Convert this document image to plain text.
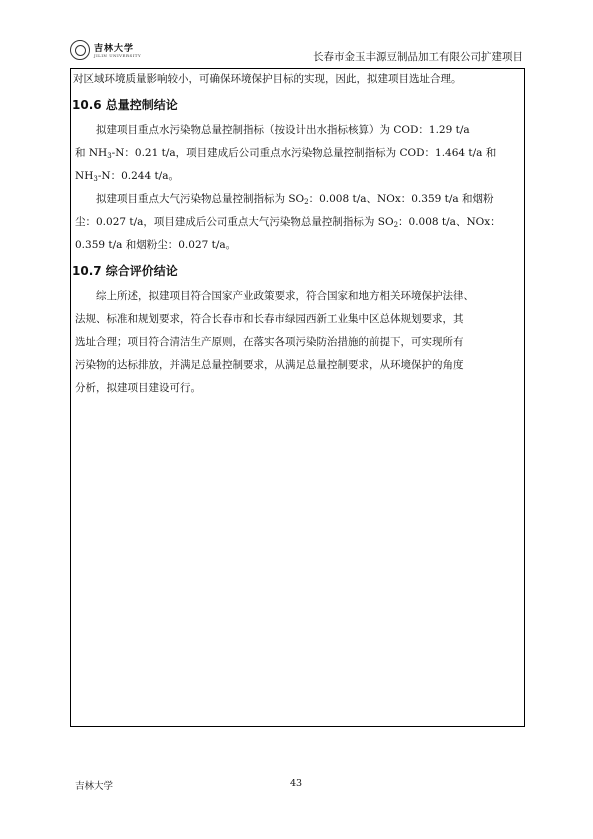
吉林大学
JILIN UNIVERSITY	长春市金玉丰源豆制品加工有限公司扩建项目
对区域环境质量影响较小，可确保环境保护目标的实现，因此，拟建项目选址合理。
10.6 总量控制结论
拟建项目重点水污染物总量控制指标（按设计出水指标核算）为 COD：1.29 t/a
和 $NH_3-N$：0.21 t/a，项目建成后公司重点水污染物总量控制指标为 COD：1.464 t/a 和
$NH_3-N$：0.244 t/a。
拟建项目重点大气污染物总量控制指标为 $SO_2$：0.008 t/a、NOx：0.359 t/a 和烟粉
尘：0.027 t/a，项目建成后公司重点大气污染物总量控制指标为 $SO_2$：0.008 t/a、NOx：
0.359 t/a 和烟粉尘：0.027 t/a。
10.7 综合评价结论
综上所述，拟建项目符合国家产业政策要求，符合国家和地方相关环境保护法律、
法规、标准和规划要求，符合长春市和长春市绿园西新工业集中区总体规划要求，其
选址合理；项目符合清洁生产原则，在落实各项污染防治措施的前提下，可实现所有
污染物的达标排放，并满足总量控制要求，从满足总量控制要求，从环境保护的角度
分析，拟建项目建设可行。
吉林大学	43
